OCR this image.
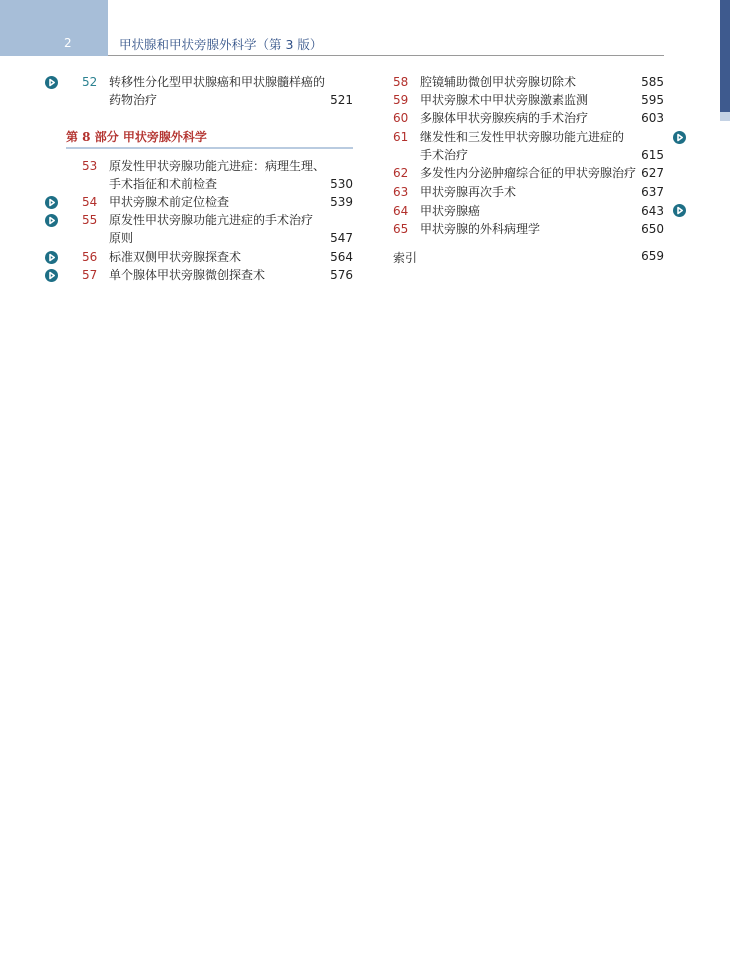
2	甲状腺和甲状旁腺外科学（第 3 版）
第 8 部分 甲状旁腺外科学
52 转移性分化型甲状腺癌和甲状腺髓样癌的
药物治疗	521
53 原发性甲状旁腺功能亢进症：病理生理、
手术指征和术前检查	530
54 甲状旁腺术前定位检查	539
55 原发性甲状旁腺功能亢进症的手术治疗
原则	547
56 标准双侧甲状旁腺探查术	564
57 单个腺体甲状旁腺微创探查术	576
58 腔镜辅助微创甲状旁腺切除术	585
59 甲状旁腺术中甲状旁腺激素监测	595
60 多腺体甲状旁腺疾病的手术治疗	603
61 继发性和三发性甲状旁腺功能亢进症的
手术治疗	615
62 多发性内分泌肿瘤综合征的甲状旁腺治疗 627
63 甲状旁腺再次手术	637
64 甲状旁腺癌	643
65 甲状旁腺的外科病理学	650
索引	659
